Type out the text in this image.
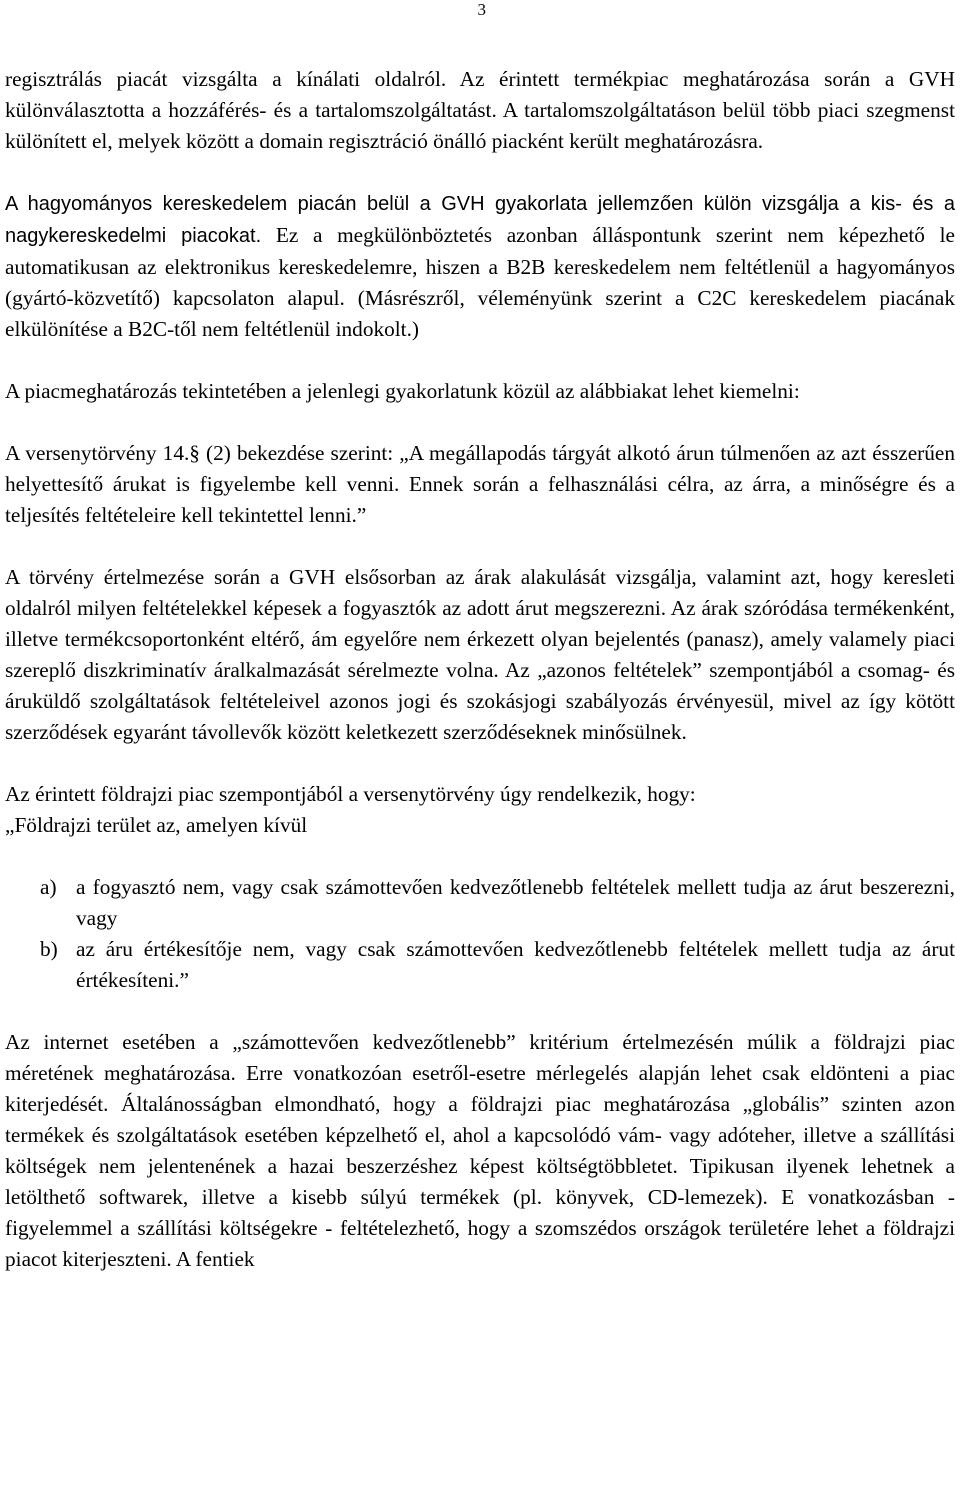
3

regisztrálás piacát vizsgálta a kínálati oldalról. Az érintett termékpiac meghatározása során a GVH különválasztotta a hozzáférés- és a tartalomszolgáltatást. A tartalomszolgáltatáson belül több piaci szegmenst különített el, melyek között a domain regisztráció önálló piacként került meghatározásra.

A hagyományos kereskedelem piacán belül a GVH gyakorlata jellemzően külön vizsgálja a kis- és a nagykereskedelmi piacokat. Ez a megkülönböztetés azonban álláspontunk szerint nem képezhető le automatikusan az elektronikus kereskedelemre, hiszen a B2B kereskedelem nem feltétlenül a hagyományos (gyártó-közvetítő) kapcsolaton alapul. (Másrészről, véleményünk szerint a C2C kereskedelem piacának elkülönítése a B2C-től nem feltétlenül indokolt.)

A piacmeghatározás tekintetében a jelenlegi gyakorlatunk közül az alábbiakat lehet kiemelni:

A versenytörvény 14.§ (2) bekezdése szerint: „A megállapodás tárgyát alkotó árun túlmenően az azt ésszerűen helyettesítő árukat is figyelembe kell venni. Ennek során a felhasználási célra, az árra, a minőségre és a teljesítés feltételeire kell tekintettel lenni.”

A törvény értelmezése során a GVH elsősorban az árak alakulását vizsgálja, valamint azt, hogy keresleti oldalról milyen feltételekkel képesek a fogyasztók az adott árut megszerezni. Az árak szóródása termékenként, illetve termékcsoportonként eltérő, ám egyelőre nem érkezett olyan bejelentés (panasz), amely valamely piaci szereplő diszkriminatív áralkalmazását sérelmezte volna. Az „azonos feltételek” szempontjából a csomag- és áruküldő szolgáltatások feltételeivel azonos jogi és szokásjogi szabályozás érvényesül, mivel az így kötött szerződések egyaránt távollevők között keletkezett szerződéseknek minősülnek.

Az érintett földrajzi piac szempontjából a versenytörvény úgy rendelkezik, hogy:

„Földrajzi terület az, amelyen kívül

a) a fogyasztó nem, vagy csak számottevően kedvezőtlenebb feltételek mellett tudja az árut beszerezni, vagy
b) az áru értékesítője nem, vagy csak számottevően kedvezőtlenebb feltételek mellett tudja az árut értékesíteni.”

Az internet esetében a „számottevően kedvezőtlenebb” kritérium értelmezésén múlik a földrajzi piac méretének meghatározása. Erre vonatkozóan esetről-esetre mérlegelés alapján lehet csak eldönteni a piac kiterjedését. Általánosságban elmondható, hogy a földrajzi piac meghatározása „globális” szinten azon termékek és szolgáltatások esetében képzelhető el, ahol a kapcsolódó vám- vagy adóteher, illetve a szállítási költségek nem jelentenének a hazai beszerzéshez képest költségtöbbletet. Tipikusan ilyenek lehetnek a letölthető softwarek, illetve a kisebb súlyú termékek (pl. könyvek, CD-lemezek). E vonatkozásban - figyelemmel a szállítási költségekre - feltételezhető, hogy a szomszédos országok területére lehet a földrajzi piacot kiterjeszteni. A fentiek
